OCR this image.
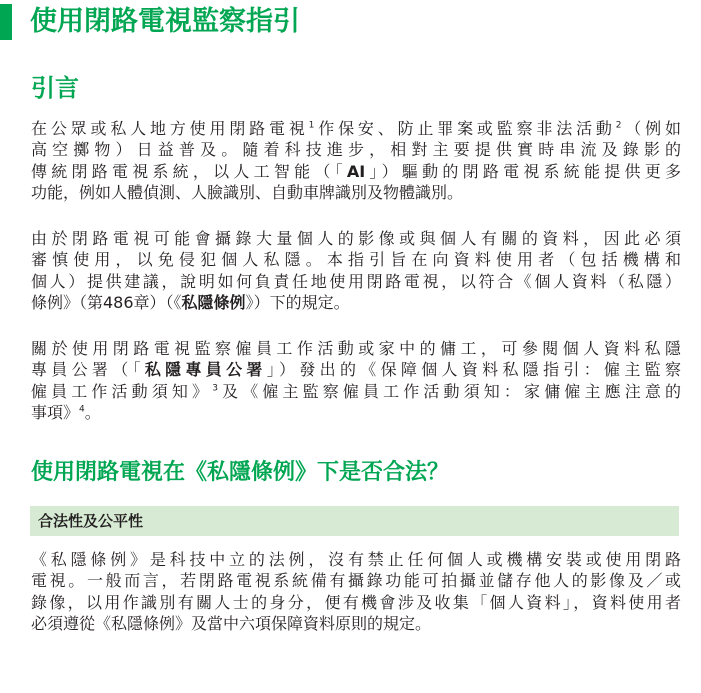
使用閉路電視監察指引
引言
在公眾或私人地方使用閉路電視$^1$作保安、防止罪案或監察非法活動$^2$（例如
高空擲物）日益普及。隨着科技進步，相對主要提供實時串流及錄影的
傳統閉路電視系統，以人工智能（「AI」）驅動的閉路電視系統能提供更多
功能，例如人體偵測、人臉識別、自動車牌識別及物體識別。
由於閉路電視可能會攝錄大量個人的影像或與個人有關的資料，因此必須
審慎使用，以免侵犯個人私隱。本指引旨在向資料使用者（包括機構和
個人）提供建議，說明如何負責任地使用閉路電視，以符合《個人資料（私隱）
條例》（第486章）（《私隱條例》）下的規定。
關於使用閉路電視監察僱員工作活動或家中的傭工，可參閱個人資料私隱
專員公署（「私隱專員公署」）發出的《保障個人資料私隱指引：僱主監察
僱員工作活動須知》$^3$及《僱主監察僱員工作活動須知：家傭僱主應注意的
事項》$^4$。
使用閉路電視在《私隱條例》下是否合法？
合法性及公平性
《私隱條例》是科技中立的法例，沒有禁止任何個人或機構安裝或使用閉路
電視。一般而言，若閉路電視系統備有攝錄功能可拍攝並儲存他人的影像及／或
錄像，以用作識別有關人士的身分，便有機會涉及收集「個人資料」，資料使用者
必須遵從《私隱條例》及當中六項保障資料原則的規定。
